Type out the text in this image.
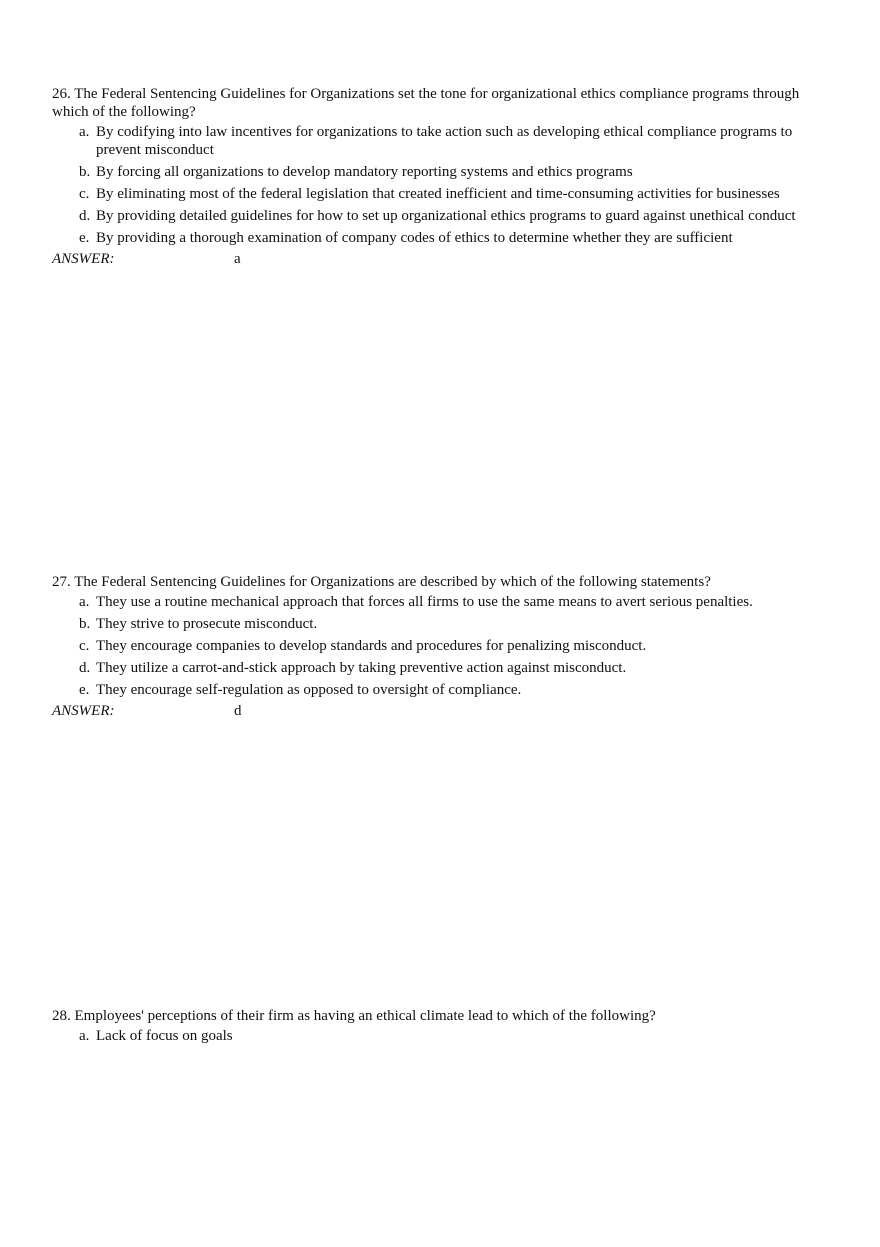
26. The Federal Sentencing Guidelines for Organizations set the tone for organizational ethics compliance programs through which of the following?

a. By codifying into law incentives for organizations to take action such as developing ethical compliance programs to prevent misconduct
b. By forcing all organizations to develop mandatory reporting systems and ethics programs
c. By eliminating most of the federal legislation that created inefficient and time-consuming activities for businesses
d. By providing detailed guidelines for how to set up organizational ethics programs to guard against unethical conduct
e. By providing a thorough examination of company codes of ethics to determine whether they are sufficient
ANSWER:	a

27. The Federal Sentencing Guidelines for Organizations are described by which of the following statements?

a. They use a routine mechanical approach that forces all firms to use the same means to avert serious penalties.
b. They strive to prosecute misconduct.
c. They encourage companies to develop standards and procedures for penalizing misconduct.
d. They utilize a carrot-and-stick approach by taking preventive action against misconduct.
e. They encourage self-regulation as opposed to oversight of compliance.
ANSWER:	d

28. Employees' perceptions of their firm as having an ethical climate lead to which of the following?

a. Lack of focus on goals
